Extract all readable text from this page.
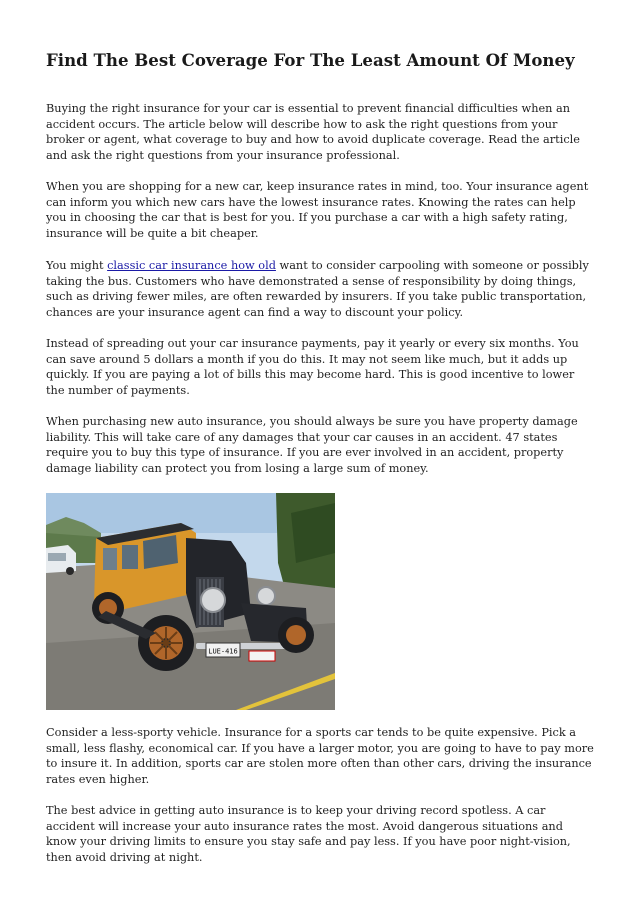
Find The Best Coverage For The Least Amount Of Money

Buying the right insurance for your car is essential to prevent financial difficulties when an accident occurs. The article below will describe how to ask the right questions from your broker or agent, what coverage to buy and how to avoid duplicate coverage. Read the article and ask the right questions from your insurance professional.

When you are shopping for a new car, keep insurance rates in mind, too. Your insurance agent can inform you which new cars have the lowest insurance rates. Knowing the rates can help you in choosing the car that is best for you. If you purchase a car with a high safety rating, insurance will be quite a bit cheaper.

You might classic car insurance how old want to consider carpooling with someone or possibly taking the bus. Customers who have demonstrated a sense of responsibility by doing things, such as driving fewer miles, are often rewarded by insurers. If you take public transportation, chances are your insurance agent can find a way to discount your policy.

Instead of spreading out your car insurance payments, pay it yearly or every six months. You can save around 5 dollars a month if you do this. It may not seem like much, but it adds up quickly. If you are paying a lot of bills this may become hard. This is good incentive to lower the number of payments.

When purchasing new auto insurance, you should always be sure you have property damage liability. This will take care of any damages that your car causes in an accident. 47 states require you to buy this type of insurance. If you are ever involved in an accident, property damage liability can protect you from losing a large sum of money.

LUE-416

Consider a less-sporty vehicle. Insurance for a sports car tends to be quite expensive. Pick a small, less flashy, economical car. If you have a larger motor, you are going to have to pay more to insure it. In addition, sports car are stolen more often than other cars, driving the insurance rates even higher.

The best advice in getting auto insurance is to keep your driving record spotless. A car accident will increase your auto insurance rates the most. Avoid dangerous situations and know your driving limits to ensure you stay safe and pay less. If you have poor night-vision, then avoid driving at night.
